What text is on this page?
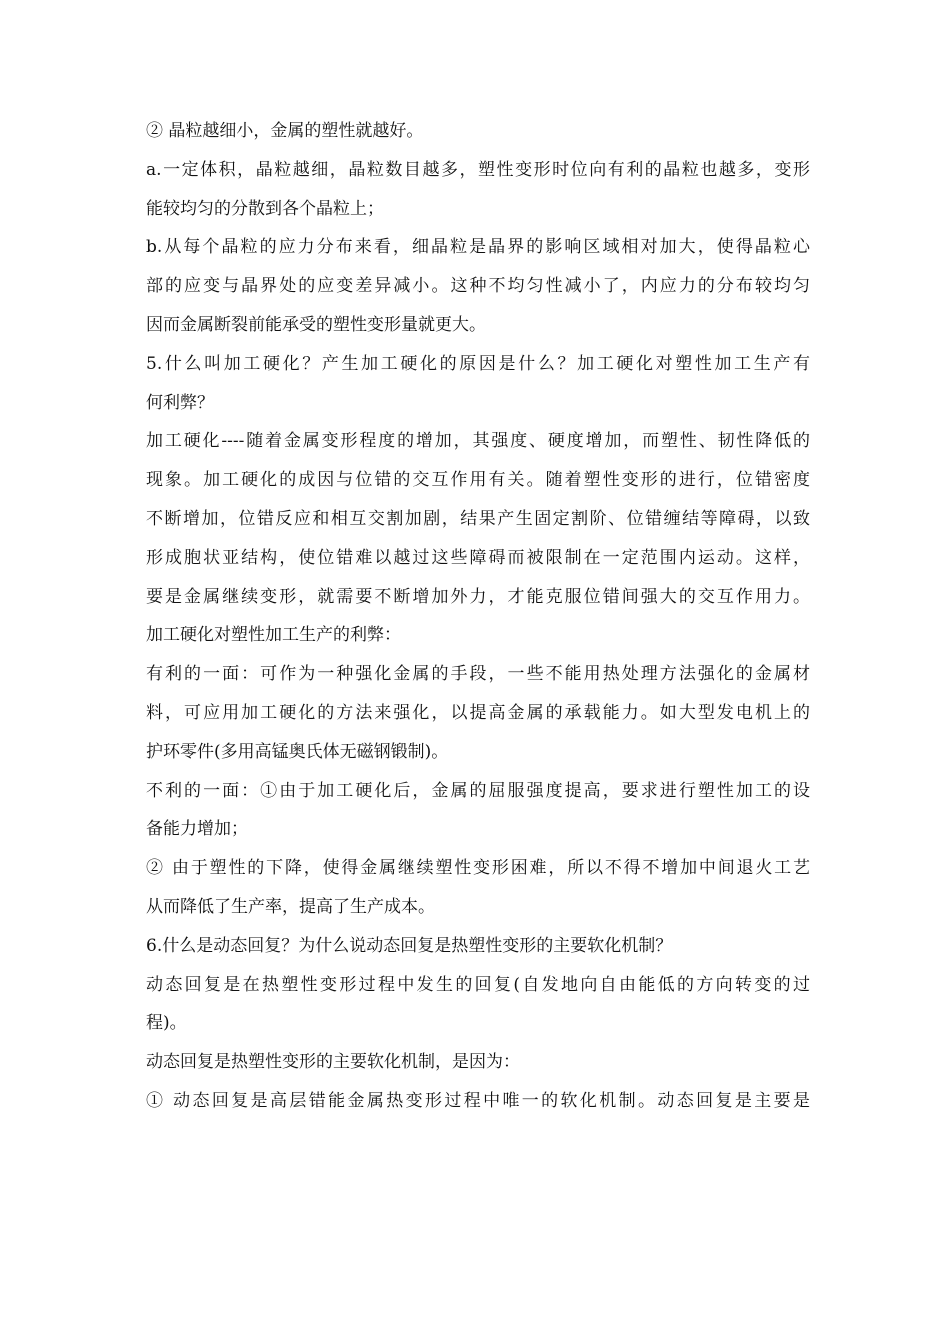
② 晶粒越细小，金属的塑性就越好。
a.一定体积，晶粒越细，晶粒数目越多，塑性变形时位向有利的晶粒也越多，变形
能较均匀的分散到各个晶粒上；
b.从每个晶粒的应力分布来看，细晶粒是晶界的影响区域相对加大，使得晶粒心
部的应变与晶界处的应变差异减小。这种不均匀性减小了，内应力的分布较均匀
因而金属断裂前能承受的塑性变形量就更大。
5.什么叫加工硬化？产生加工硬化的原因是什么？加工硬化对塑性加工生产有
何利弊？
加工硬化----随着金属变形程度的增加，其强度、硬度增加，而塑性、韧性降低的
现象。加工硬化的成因与位错的交互作用有关。随着塑性变形的进行，位错密度
不断增加，位错反应和相互交割加剧，结果产生固定割阶、位错缠结等障碍，以致
形成胞状亚结构，使位错难以越过这些障碍而被限制在一定范围内运动。这样，
要是金属继续变形，就需要不断增加外力，才能克服位错间强大的交互作用力。
加工硬化对塑性加工生产的利弊：
有利的一面：可作为一种强化金属的手段，一些不能用热处理方法强化的金属材
料，可应用加工硬化的方法来强化，以提高金属的承载能力。如大型发电机上的
护环零件(多用高锰奥氏体无磁钢锻制)。
不利的一面：①由于加工硬化后，金属的屈服强度提高，要求进行塑性加工的设
备能力增加；
② 由于塑性的下降，使得金属继续塑性变形困难，所以不得不增加中间退火工艺
从而降低了生产率，提高了生产成本。
6.什么是动态回复？为什么说动态回复是热塑性变形的主要软化机制？
动态回复是在热塑性变形过程中发生的回复(自发地向自由能低的方向转变的过
程)。
动态回复是热塑性变形的主要软化机制，是因为：
① 动态回复是高层错能金属热变形过程中唯一的软化机制。动态回复是主要是
